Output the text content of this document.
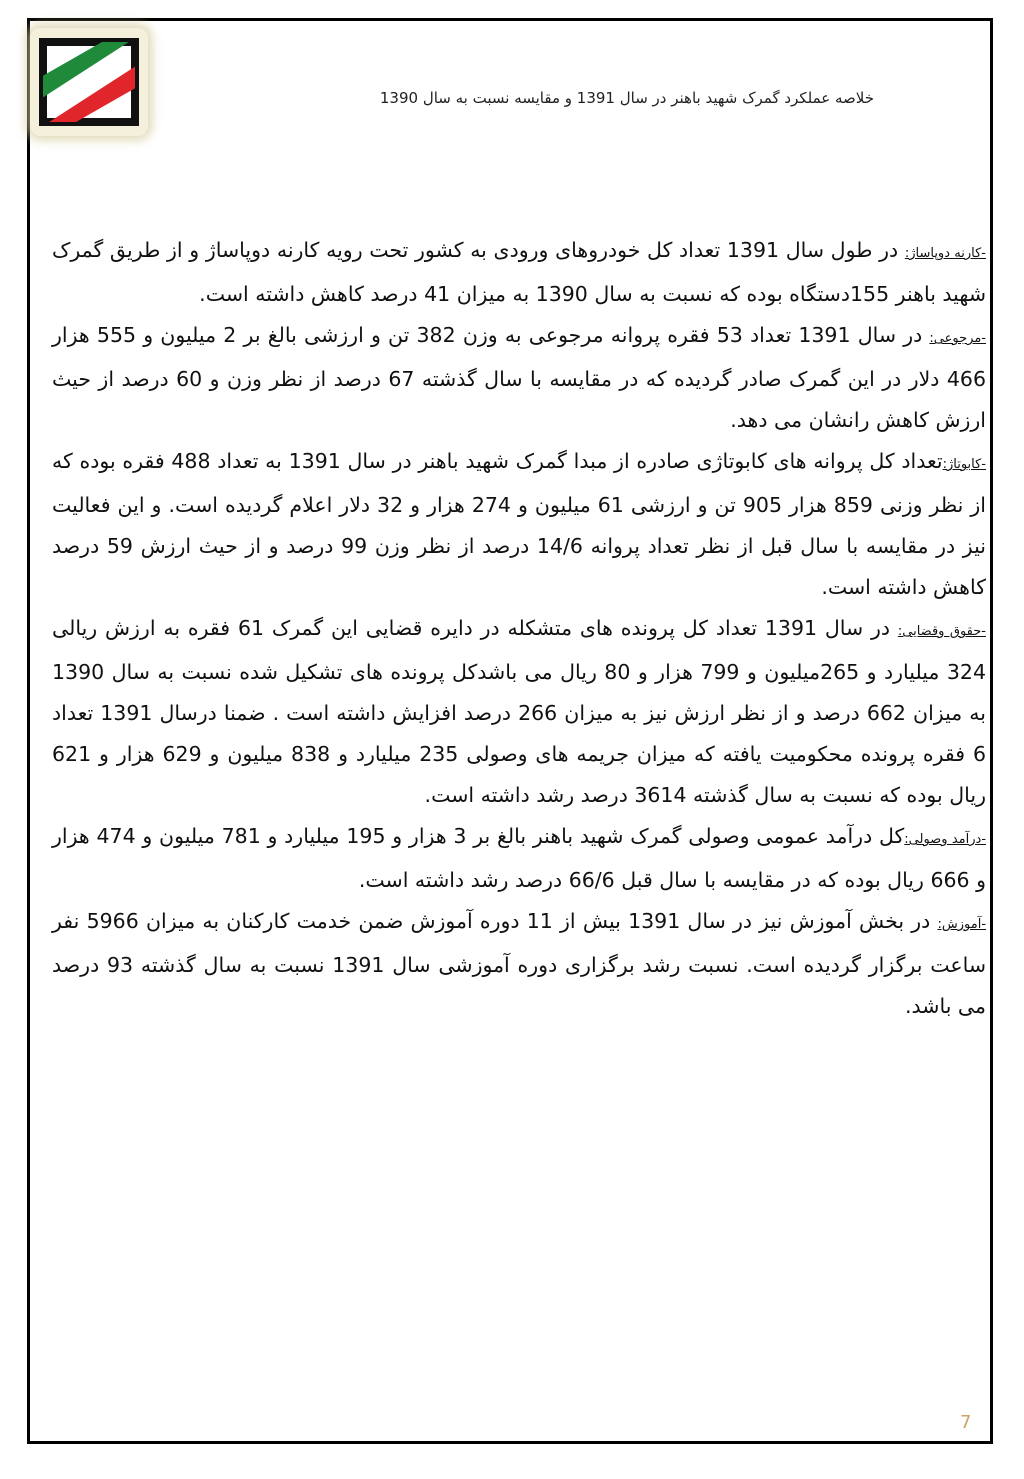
خلاصه عملکرد گمرک شهید باهنر در سال 1391 و مقایسه نسبت به سال 1390

-کارنه دوپاساژ: در طول سال 1391 تعداد کل خودروهای ورودی به کشور تحت رویه کارنه دوپاساژ و از طریق گمرک شهید باهنر 155دستگاه بوده که نسبت به سال 1390 به میزان 41 درصد کاهش داشته است.

-مرجوعی: در سال 1391 تعداد 53 فقره پروانه مرجوعی به وزن 382 تن و ارزشی بالغ بر 2 میلیون و 555 هزار 466 دلار در این گمرک صادر گردیده که در مقایسه با سال گذشته 67 درصد از نظر وزن و 60 درصد از حیث ارزش کاهش رانشان می دهد.

-کابوتاژ:تعداد کل پروانه های کابوتاژی صادره از مبدا گمرک شهید باهنر در سال 1391 به تعداد 488 فقره بوده که از نظر وزنی 859 هزار 905 تن و ارزشی 61 میلیون و 274 هزار و 32 دلار اعلام گردیده است. و این فعالیت نیز در مقایسه با سال قبل از نظر تعداد پروانه 14/6 درصد از نظر وزن 99 درصد و از حیث ارزش 59 درصد کاهش داشته است.

-حقوق وقضایی: در سال 1391 تعداد کل پرونده های متشکله در دایره قضایی این گمرک 61 فقره به ارزش ریالی 324 میلیارد و 265میلیون و 799 هزار و 80 ریال می باشدکل پرونده های تشکیل شده نسبت به سال 1390 به میزان 662 درصد و از نظر ارزش نیز به میزان 266 درصد افزایش داشته است . ضمنا درسال 1391 تعداد 6 فقره پرونده محکومیت یافته که میزان جریمه های وصولی 235 میلیارد و 838 میلیون و 629 هزار و 621 ریال بوده که نسبت به سال گذشته 3614 درصد رشد داشته است.

-درآمد وصولی:کل درآمد عمومی وصولی گمرک شهید باهنر بالغ بر 3 هزار و 195 میلیارد و 781 میلیون و 474 هزار و 666 ریال بوده که در مقایسه با سال قبل 66/6 درصد رشد داشته است.

-آموزش: در بخش آموزش نیز در سال 1391 بیش از 11 دوره آموزش ضمن خدمت کارکنان به میزان 5966 نفر ساعت برگزار گردیده است. نسبت رشد برگزاری دوره آموزشی سال 1391 نسبت به سال گذشته 93 درصد می باشد.

7
